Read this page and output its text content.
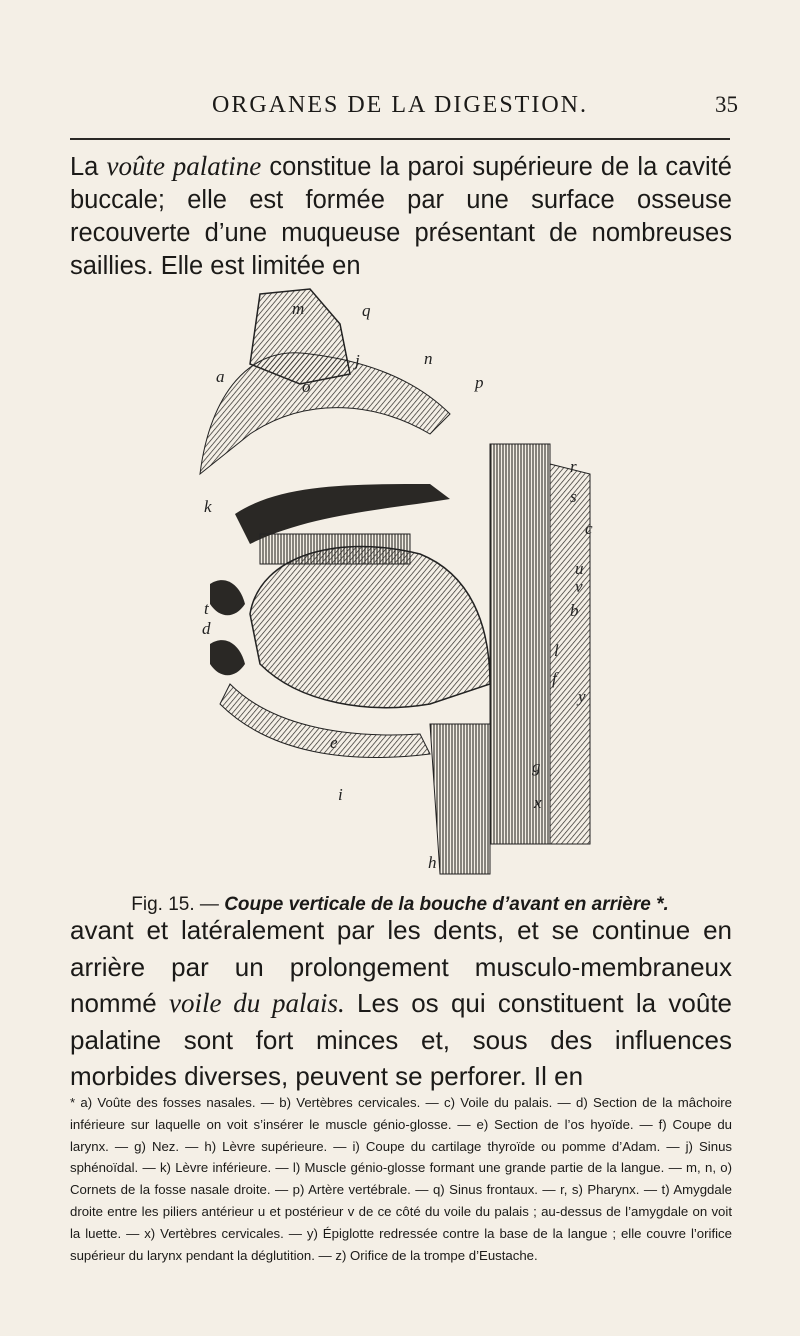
ORGANES DE LA DIGESTION.	35
La voûte palatine constitue la paroi supérieure de la cavité buccale; elle est formée par une surface osseuse recouverte d’une muqueuse présentant de nombreuses saillies. Elle est limitée en
m	q
a
j	n
o	p
r
s
c
u
v
b
l
k
t
d
y
f
e
i	x
g
h
Fig. 15. — Coupe verticale de la bouche d’avant en arrière *.
avant et latéralement par les dents, et se continue en arrière par un prolongement musculo-membraneux nommé voile du palais. Les os qui constituent la voûte palatine sont fort minces et, sous des influences morbides diverses, peuvent se perforer. Il en
* a) Voûte des fosses nasales. — b) Vertèbres cervicales. — c) Voile du palais. — d) Section de la mâchoire inférieure sur laquelle on voit s’insérer le muscle génio-glosse. — e) Section de l’os hyoïde. — f) Coupe du larynx. — g) Nez. — h) Lèvre supérieure. — i) Coupe du cartilage thyroïde ou pomme d’Adam. — j) Sinus sphénoïdal. — k) Lèvre inférieure. — l) Muscle génio-glosse formant une grande partie de la langue. — m, n, o) Cornets de la fosse nasale droite. — p) Artère vertébrale. — q) Sinus frontaux. — r, s) Pharynx. — t) Amygdale droite entre les piliers antérieur u et postérieur v de ce côté du voile du palais ; au-dessus de l’amygdale on voit la luette. — x) Vertèbres cervicales. — y) Épiglotte redressée contre la base de la langue ; elle couvre l’orifice supérieur du larynx pendant la déglutition. — z) Orifice de la trompe d’Eustache.
